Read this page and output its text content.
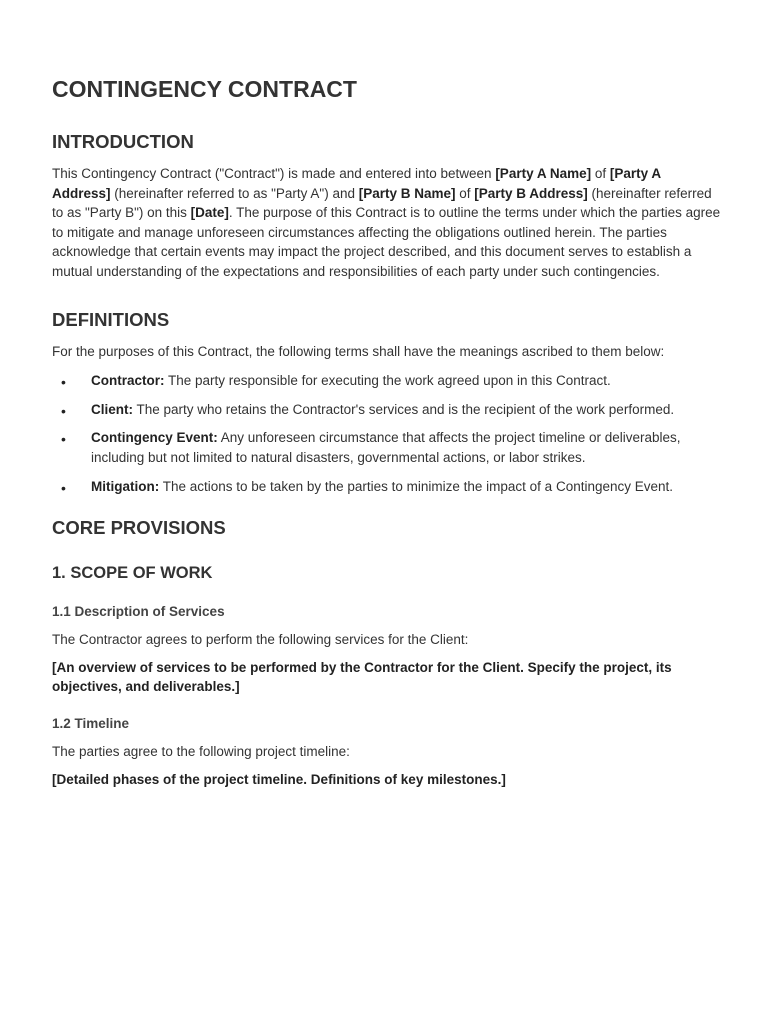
CONTINGENCY CONTRACT
INTRODUCTION

This Contingency Contract ("Contract") is made and entered into between [Party A Name] of [Party A Address] (hereinafter referred to as "Party A") and [Party B Name] of [Party B Address] (hereinafter referred to as "Party B") on this [Date]. The purpose of this Contract is to outline the terms under which the parties agree to mitigate and manage unforeseen circumstances affecting the obligations outlined herein. The parties acknowledge that certain events may impact the project described, and this document serves to establish a mutual understanding of the expectations and responsibilities of each party under such contingencies.

DEFINITIONS

For the purposes of this Contract, the following terms shall have the meanings ascribed to them below:

• Contractor: The party responsible for executing the work agreed upon in this Contract.
• Client: The party who retains the Contractor's services and is the recipient of the work performed.
• Contingency Event: Any unforeseen circumstance that affects the project timeline or deliverables, including but not limited to natural disasters, governmental actions, or labor strikes.
• Mitigation: The actions to be taken by the parties to minimize the impact of a Contingency Event.
CORE PROVISIONS
1. SCOPE OF WORK
1.1 Description of Services

The Contractor agrees to perform the following services for the Client:

[An overview of services to be performed by the Contractor for the Client. Specify the project, its objectives, and deliverables.]

1.2 Timeline

The parties agree to the following project timeline:

[Detailed phases of the project timeline. Definitions of key milestones.]
